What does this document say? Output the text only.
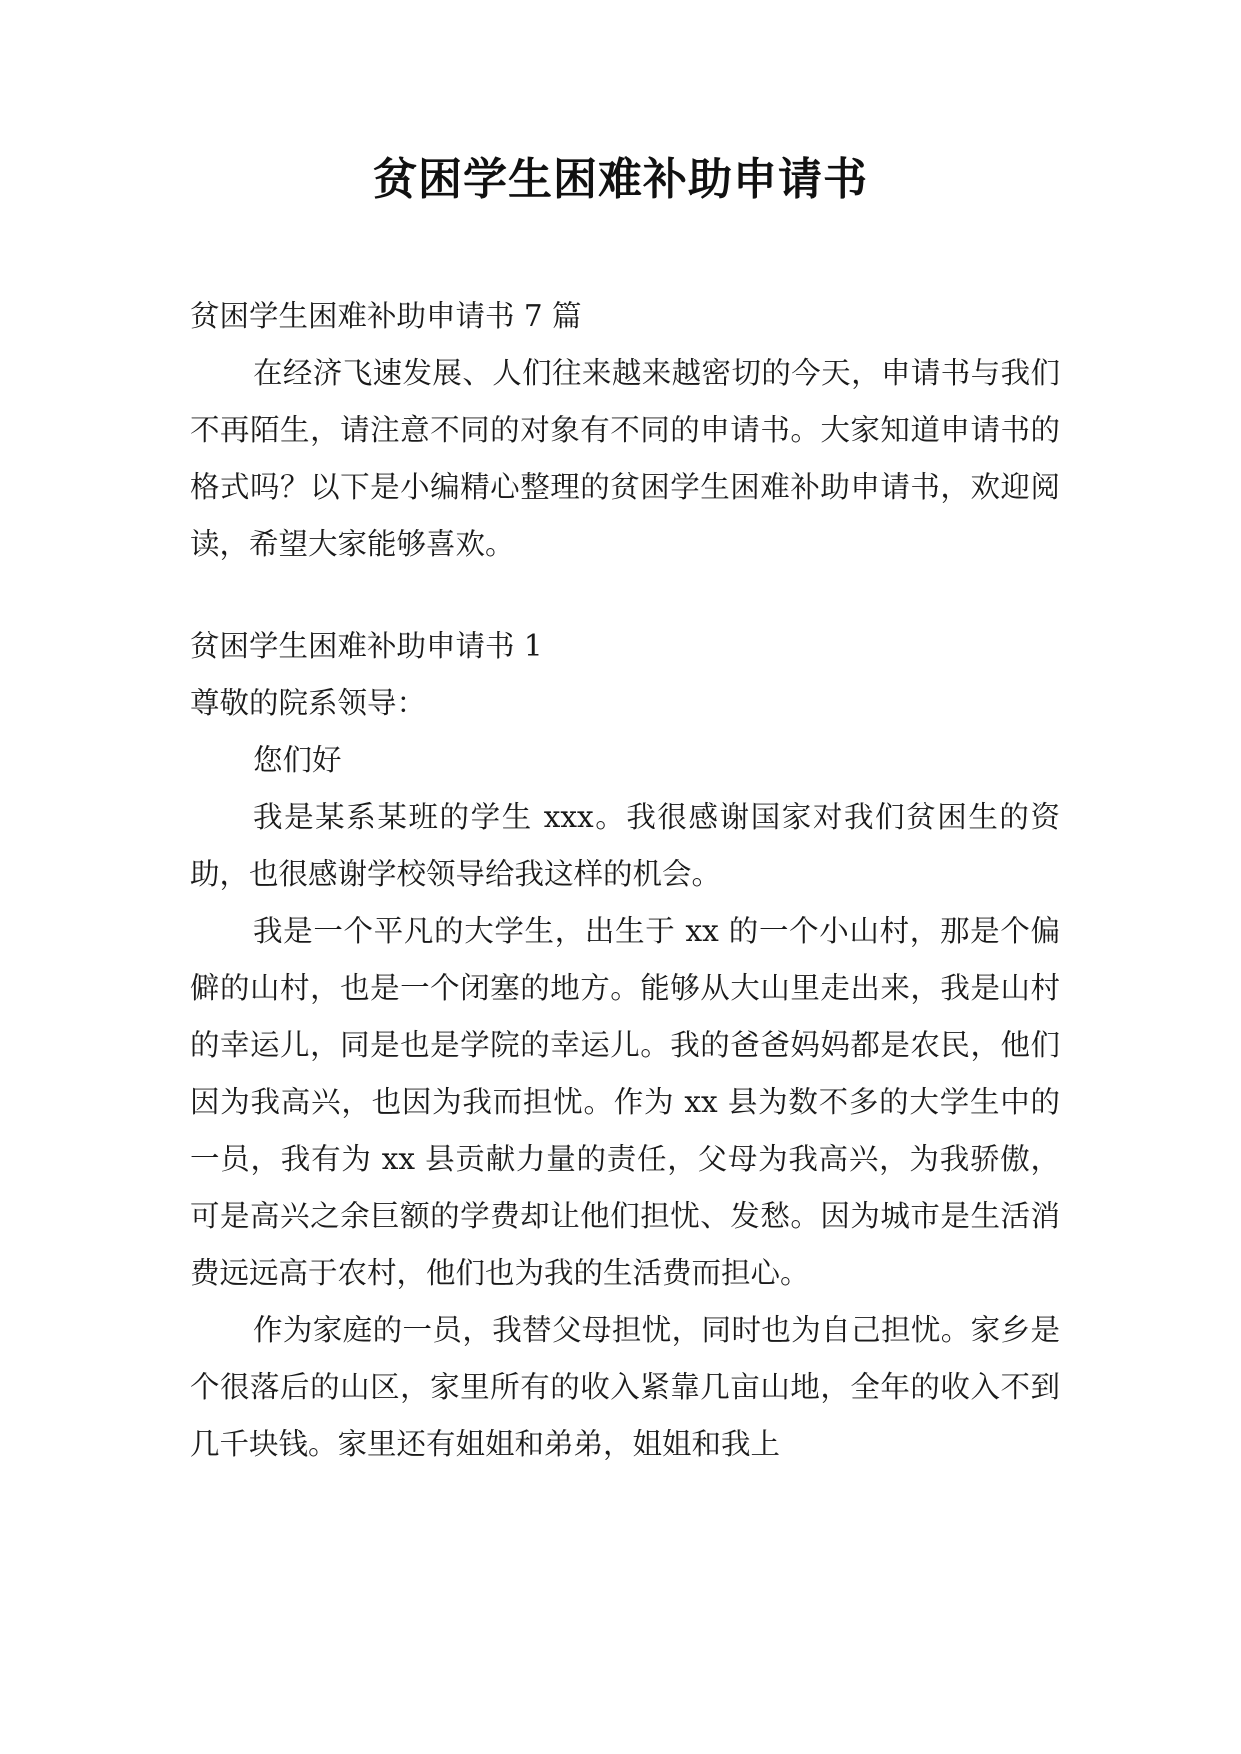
贫困学生困难补助申请书
贫困学生困难补助申请书 7 篇

在经济飞速发展、人们往来越来越密切的今天，申请书与我们不再陌生，请注意不同的对象有不同的申请书。大家知道申请书的格式吗？以下是小编精心整理的贫困学生困难补助申请书，欢迎阅读，希望大家能够喜欢。

贫困学生困难补助申请书 1
尊敬的院系领导：
您们好

我是某系某班的学生 xxx。我很感谢国家对我们贫困生的资助，也很感谢学校领导给我这样的机会。

我是一个平凡的大学生，出生于 xx 的一个小山村，那是个偏僻的山村，也是一个闭塞的地方。能够从大山里走出来，我是山村的幸运儿，同是也是学院的幸运儿。我的爸爸妈妈都是农民，他们因为我高兴，也因为我而担忧。作为 xx 县为数不多的大学生中的一员，我有为 xx 县贡献力量的责任，父母为我高兴，为我骄傲，可是高兴之余巨额的学费却让他们担忧、发愁。因为城市是生活消费远远高于农村，他们也为我的生活费而担心。

作为家庭的一员，我替父母担忧，同时也为自己担忧。家乡是个很落后的山区，家里所有的收入紧靠几亩山地，全年的收入不到几千块钱。家里还有姐姐和弟弟，姐姐和我上
